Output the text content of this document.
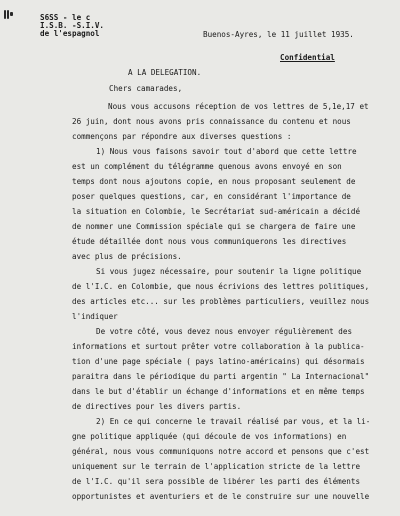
S6SS - le c
I.S.B. -S.I.V.
de l'espagnol	Buenos-Ayres, le 11 juillet 1935.
Confidential
A LA DELEGATION.
Chers camarades,
Nous vous accusons réception de vos lettres de 5,1e,17 et
26 juin, dont nous avons pris connaissance du contenu et nous
commençons par répondre aux diverses questions :
1) Nous vous faisons savoir tout d'abord que cette lettre
est un complément du télégramme quenous avons envoyé en son
temps dont nous ajoutons copie, en nous proposant seulement de
poser quelques questions, car, en considérant l'importance de
la situation en Colombie, le Secrétariat sud-américain a décidé
de nommer une Commission spéciale qui se chargera de faire une
étude détaillée dont nous vous communiquerons les directives
avec plus de précisions.
Si vous jugez nécessaire, pour soutenir la ligne politique
de l'I.C. en Colombie, que nous écrivions des lettres politiques,
des articles etc... sur les problèmes particuliers, veuillez nous
l'indiquer
De votre côté, vous devez nous envoyer régulièrement des
informations et surtout prêter votre collaboration à la publica-
tion d'une page spéciale ( pays latino-américains) qui désormais
paraitra dans le périodique du parti argentin " La Internacional"
dans le but d'établir un échange d'informations et en même temps
de directives pour les divers partis.
2) En ce qui concerne le travail réalisé par vous, et la li-
gne politique appliquée (qui découle de vos informations) en
général, nous vous communiquons notre accord et pensons que c'est
uniquement sur le terrain de l'application stricte de la lettre
de l'I.C. qu'il sera possible de libérer les parti des éléments
opportunistes et aventuriers et de le construire sur une nouvelle
